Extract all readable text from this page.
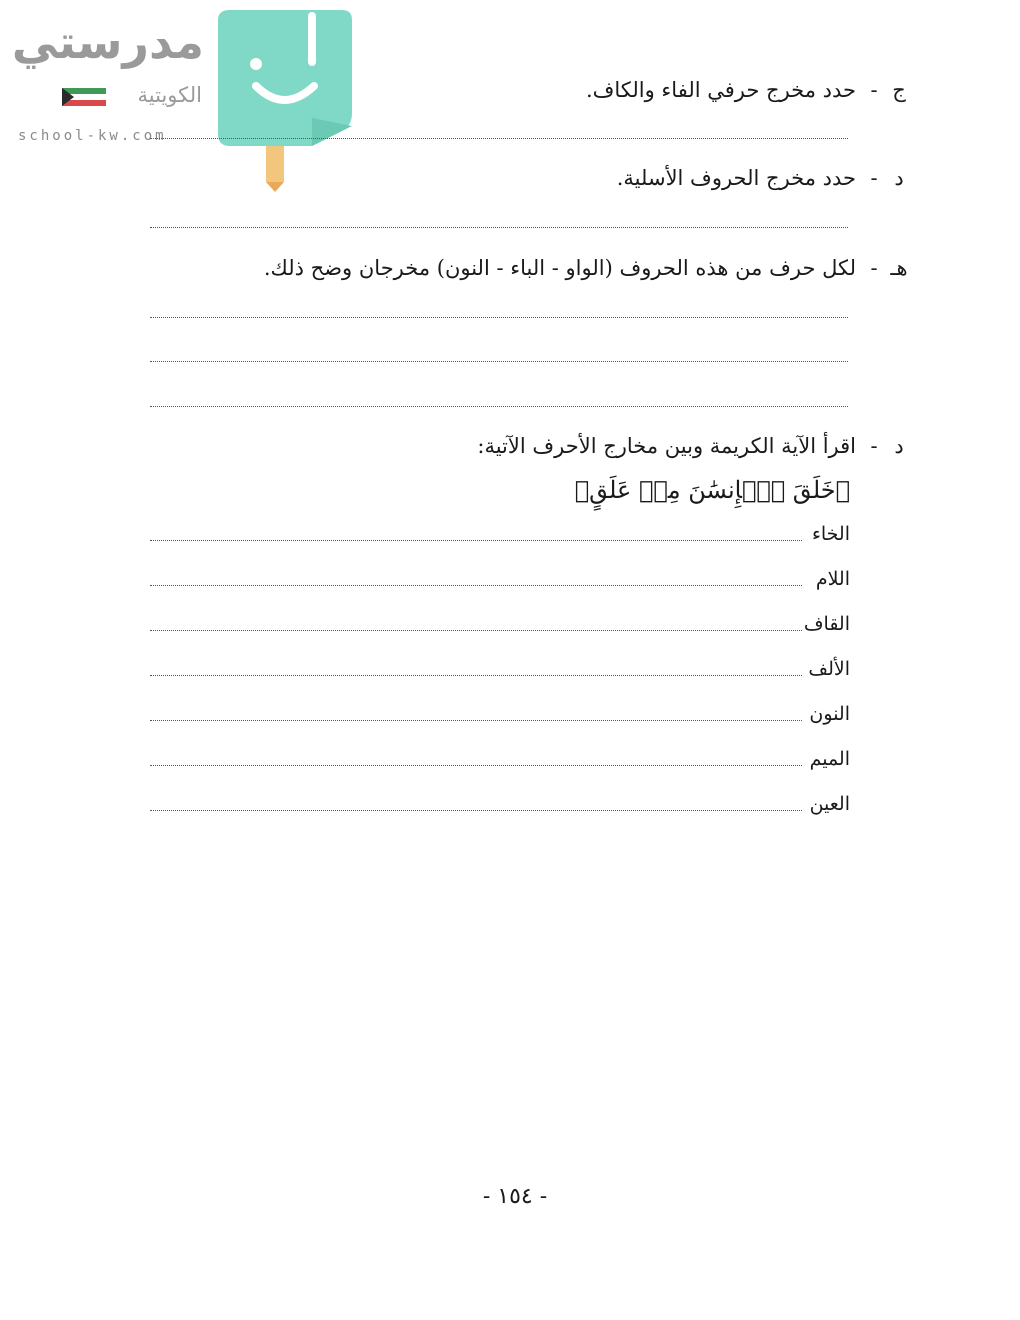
مدرستي
الكويتية
school-kw.com
ج-حدد مخرج حرفي الفاء والكاف.
د-حدد مخرج الحروف الأسلية.
هـ-لكل حرف من هذه الحروف (الواو - الباء - النون) مخرجان وضح ذلك.
د-اقرأ الآية الكريمة وبين مخارج الأحرف الآتية:
﴿خَلَقَ ٱلۡإِنسَٰنَ مِنۡ عَلَقٍ﴾
الخاء
اللام
القاف
الألف
النون
الميم
العين
- ١٥٤ -
